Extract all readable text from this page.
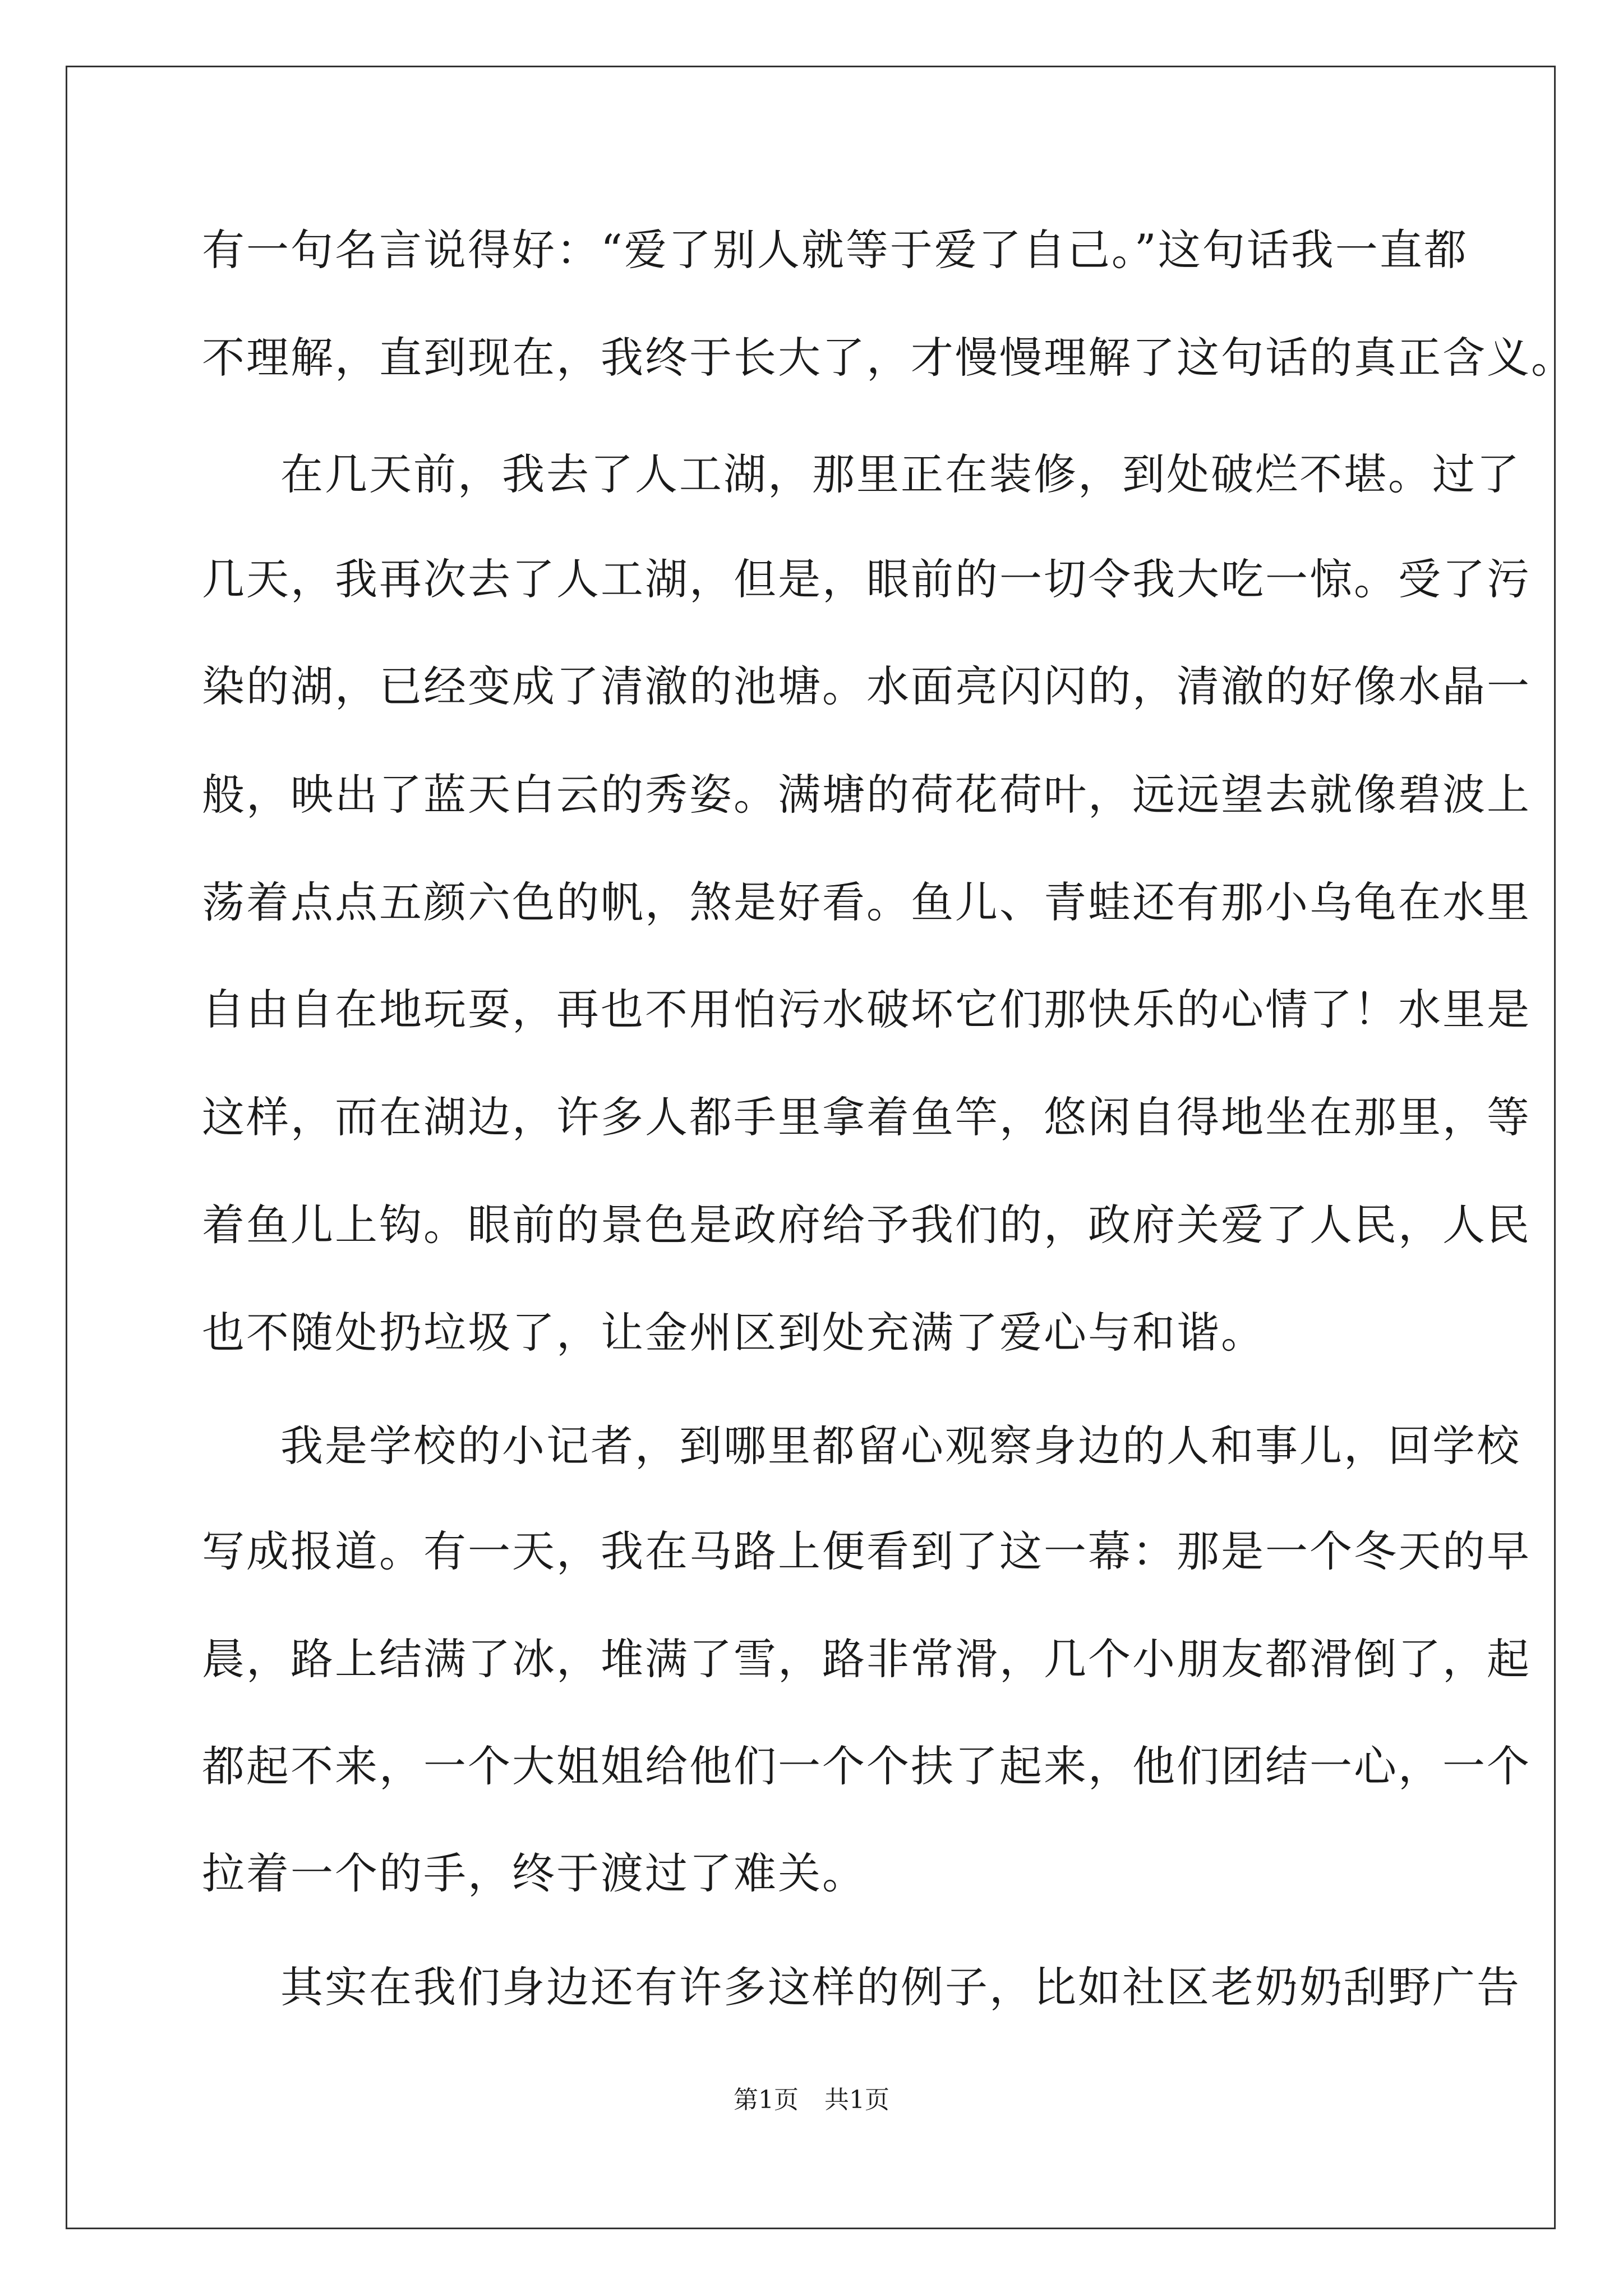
有一句名言说得好：“爱了别人就等于爱了自己。”这句话我一直都
不理解，直到现在，我终于长大了，才慢慢理解了这句话的真正含义。
在几天前，我去了人工湖，那里正在装修，到处破烂不堪。过了
几天，我再次去了人工湖，但是，眼前的一切令我大吃一惊。受了污
染的湖，已经变成了清澈的池塘。水面亮闪闪的，清澈的好像水晶一
般，映出了蓝天白云的秀姿。满塘的荷花荷叶，远远望去就像碧波上
荡着点点五颜六色的帆，煞是好看。鱼儿、青蛙还有那小乌龟在水里
自由自在地玩耍，再也不用怕污水破坏它们那快乐的心情了！水里是
这样，而在湖边，许多人都手里拿着鱼竿，悠闲自得地坐在那里，等
着鱼儿上钩。眼前的景色是政府给予我们的，政府关爱了人民，人民
也不随处扔垃圾了，让金州区到处充满了爱心与和谐。
我是学校的小记者，到哪里都留心观察身边的人和事儿，回学校
写成报道。有一天，我在马路上便看到了这一幕：那是一个冬天的早
晨，路上结满了冰，堆满了雪，路非常滑，几个小朋友都滑倒了，起
都起不来，一个大姐姐给他们一个个扶了起来，他们团结一心，一个
拉着一个的手，终于渡过了难关。
其实在我们身边还有许多这样的例子，比如社区老奶奶刮野广告
第1页 共1页
